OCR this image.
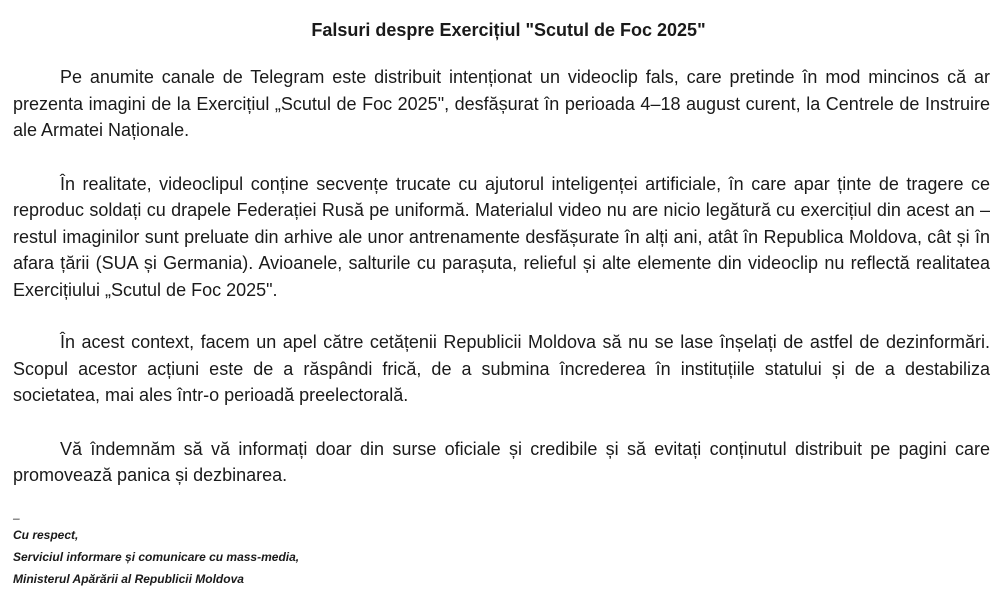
Falsuri despre Exercițiul "Scutul de Foc 2025"

Pe anumite canale de Telegram este distribuit intenționat un videoclip fals, care pretinde în mod mincinos că ar prezenta imagini de la Exercițiul „Scutul de Foc 2025", desfășurat în perioada 4–18 august curent, la Centrele de Instruire ale Armatei Naționale.

În realitate, videoclipul conține secvențe trucate cu ajutorul inteligenței artificiale, în care apar ținte de tragere ce reproduc soldați cu drapele Federației Rusă pe uniformă. Materialul video nu are nicio legătură cu exercițiul din acest an – restul imaginilor sunt preluate din arhive ale unor antrenamente desfășurate în alți ani, atât în Republica Moldova, cât și în afara țării (SUA și Germania). Avioanele, salturile cu parașuta, relieful și alte elemente din videoclip nu reflectă realitatea Exercițiului „Scutul de Foc 2025".

În acest context, facem un apel către cetățenii Republicii Moldova să nu se lase înșelați de astfel de dezinformări. Scopul acestor acțiuni este de a răspândi frică, de a submina încrederea în instituțiile statului și de a destabiliza societatea, mai ales într-o perioadă preelectorală.

Vă îndemnăm să vă informați doar din surse oficiale și credibile și să evitați conținutul distribuit pe pagini care promovează panica și dezbinarea.

–
Cu respect,
Serviciul informare și comunicare cu mass-media,
Ministerul Apărării al Republicii Moldova
